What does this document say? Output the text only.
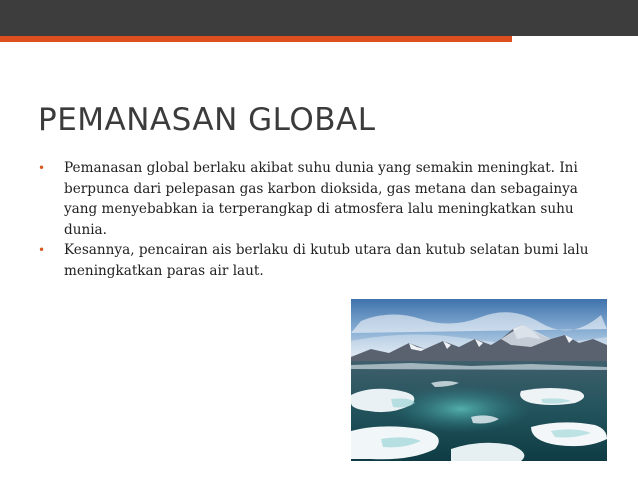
PEMANASAN GLOBAL
• Pemanasan global berlaku akibat suhu dunia yang semakin meningkat. Ini berpunca dari pelepasan gas karbon dioksida, gas metana dan sebagainya yang menyebabkan ia terperangkap di atmosfera lalu meningkatkan suhu dunia.
• Kesannya, pencairan ais berlaku di kutub utara dan kutub selatan bumi lalu meningkatkan paras air laut.
